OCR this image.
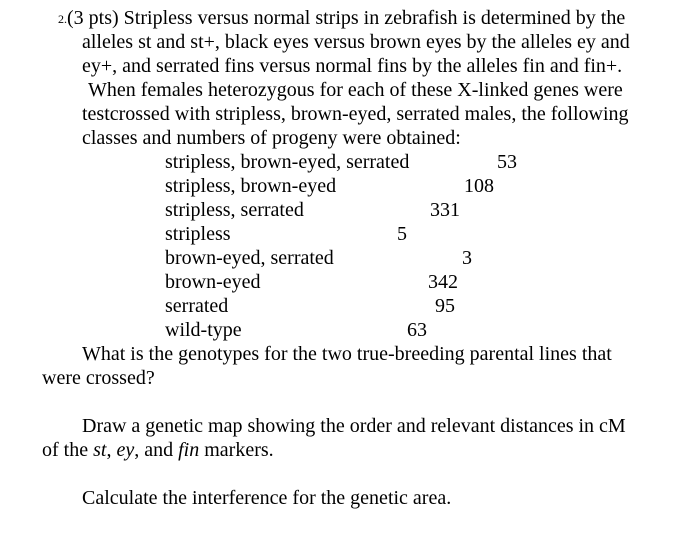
2.(3 pts) Stripless versus normal strips in zebrafish is determined by the
alleles st and st+, black eyes versus brown eyes by the alleles ey and
ey+, and serrated fins versus normal fins by the alleles fin and fin+.
When females heterozygous for each of these X-linked genes were
testcrossed with stripless, brown-eyed, serrated males, the following
classes and numbers of progeny were obtained:
stripless, brown-eyed, serrated	53
stripless, brown-eyed	108
stripless, serrated	331
stripless	5
brown-eyed, serrated	3
brown-eyed	342
serrated	95
wild-type	63
What is the genotypes for the two true-breeding parental lines that
were crossed?
Draw a genetic map showing the order and relevant distances in cM
of the st, ey, and fin markers.
Calculate the interference for the genetic area.
